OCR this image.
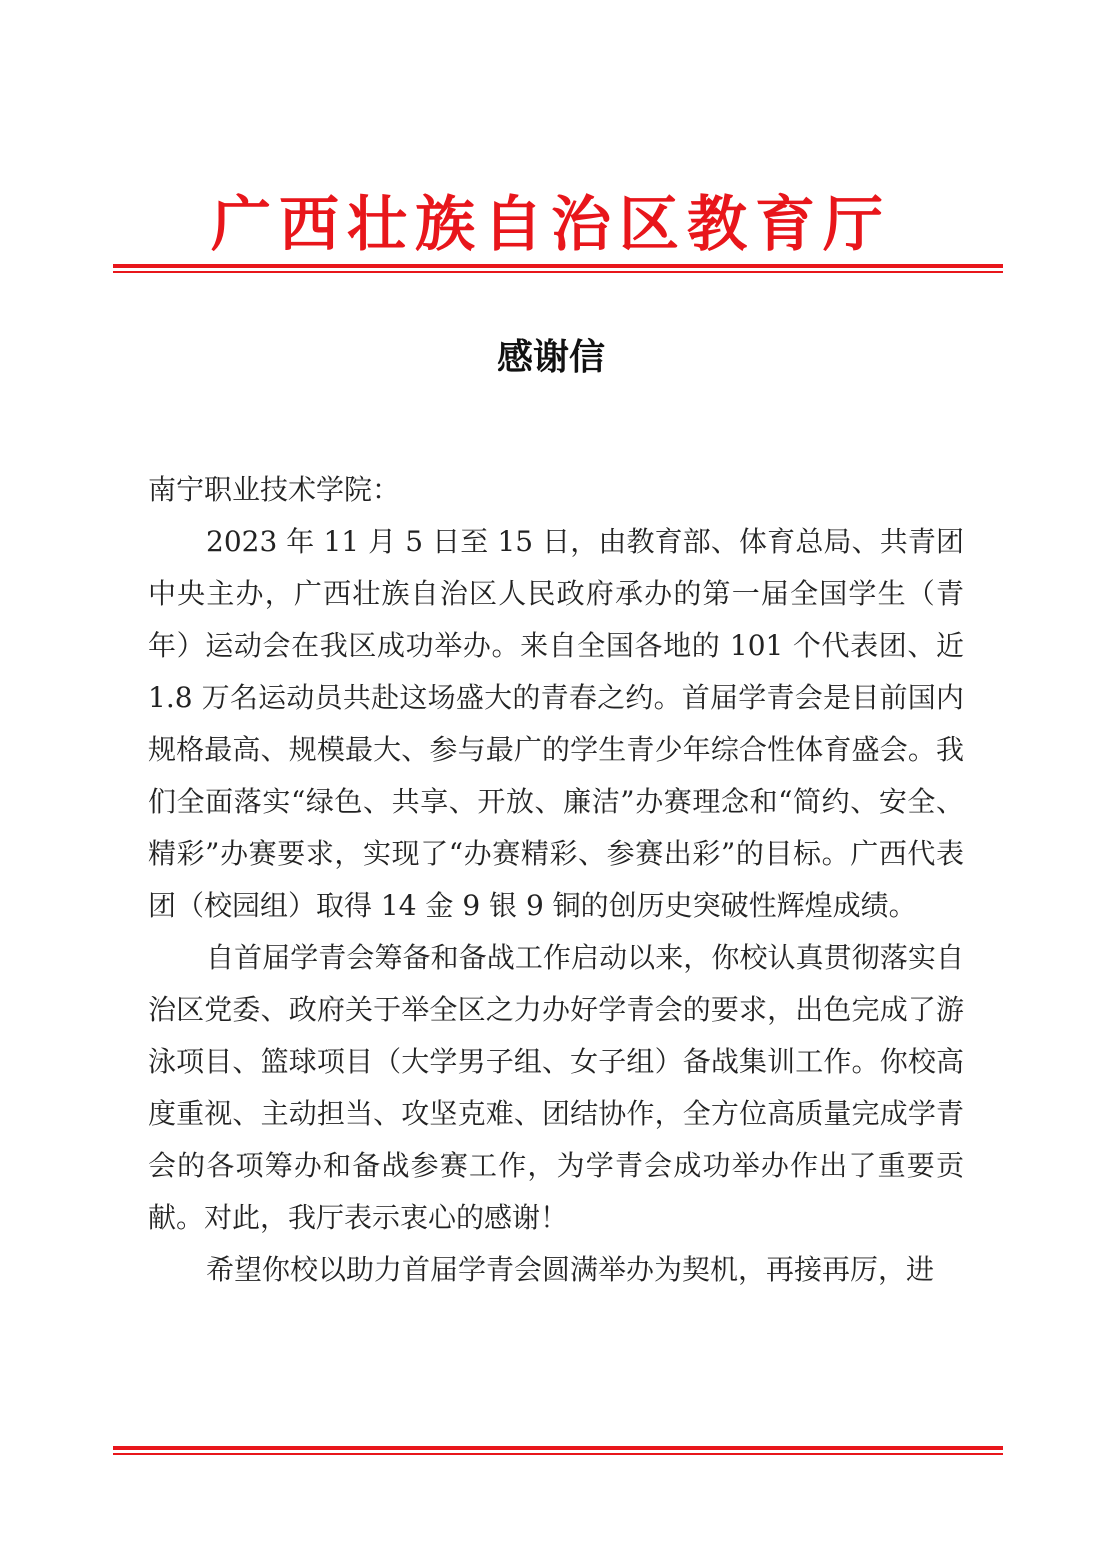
广西壮族自治区教育厅
感谢信

南宁职业技术学院：

2023 年 11 月 5 日至 15 日，由教育部、体育总局、共青团中央主办，广西壮族自治区人民政府承办的第一届全国学生（青年）运动会在我区成功举办。来自全国各地的 101 个代表团、近 1.8 万名运动员共赴这场盛大的青春之约。首届学青会是目前国内规格最高、规模最大、参与最广的学生青少年综合性体育盛会。我们全面落实“绿色、共享、开放、廉洁”办赛理念和“简约、安全、精彩”办赛要求，实现了“办赛精彩、参赛出彩”的目标。广西代表团（校园组）取得 14 金 9 银 9 铜的创历史突破性辉煌成绩。

自首届学青会筹备和备战工作启动以来，你校认真贯彻落实自治区党委、政府关于举全区之力办好学青会的要求，出色完成了游泳项目、篮球项目（大学男子组、女子组）备战集训工作。你校高度重视、主动担当、攻坚克难、团结协作，全方位高质量完成学青会的各项筹办和备战参赛工作，为学青会成功举办作出了重要贡献。对此，我厅表示衷心的感谢！

希望你校以助力首届学青会圆满举办为契机，再接再厉，进
